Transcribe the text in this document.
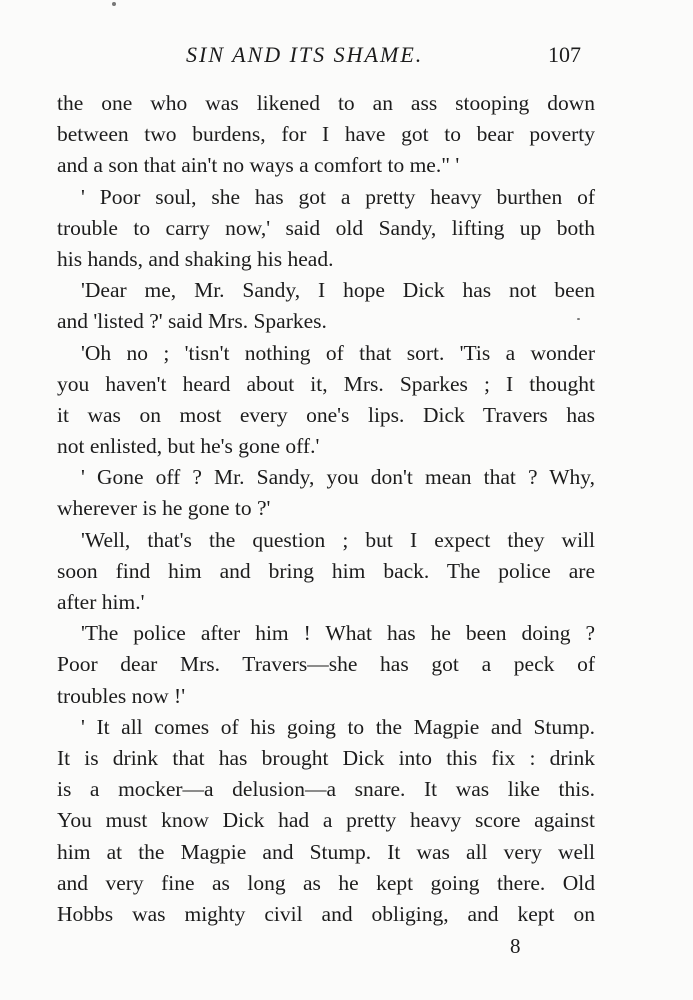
SIN AND ITS SHAME.	107
the one who was likened to an ass stooping down
between two burdens, for I have got to bear poverty
and a son that ain't no ways a comfort to me." '
' Poor soul, she has got a pretty heavy burthen of
trouble to carry now,' said old Sandy, lifting up both
his hands, and shaking his head.
'Dear me, Mr. Sandy, I hope Dick has not been
and 'listed ?' said Mrs. Sparkes.
'Oh no ; 'tisn't nothing of that sort. 'Tis a wonder
you haven't heard about it, Mrs. Sparkes ; I thought
it was on most every one's lips. Dick Travers has
not enlisted, but he's gone off.'
' Gone off ? Mr. Sandy, you don't mean that ? Why,
wherever is he gone to ?'
'Well, that's the question ; but I expect they will
soon find him and bring him back. The police are
after him.'
'The police after him ! What has he been doing ?
Poor dear Mrs. Travers—she has got a peck of
troubles now !'
' It all comes of his going to the Magpie and Stump.
It is drink that has brought Dick into this fix : drink
is a mocker—a delusion—a snare. It was like this.
You must know Dick had a pretty heavy score against
him at the Magpie and Stump. It was all very well
and very fine as long as he kept going there. Old
Hobbs was mighty civil and obliging, and kept on
8
